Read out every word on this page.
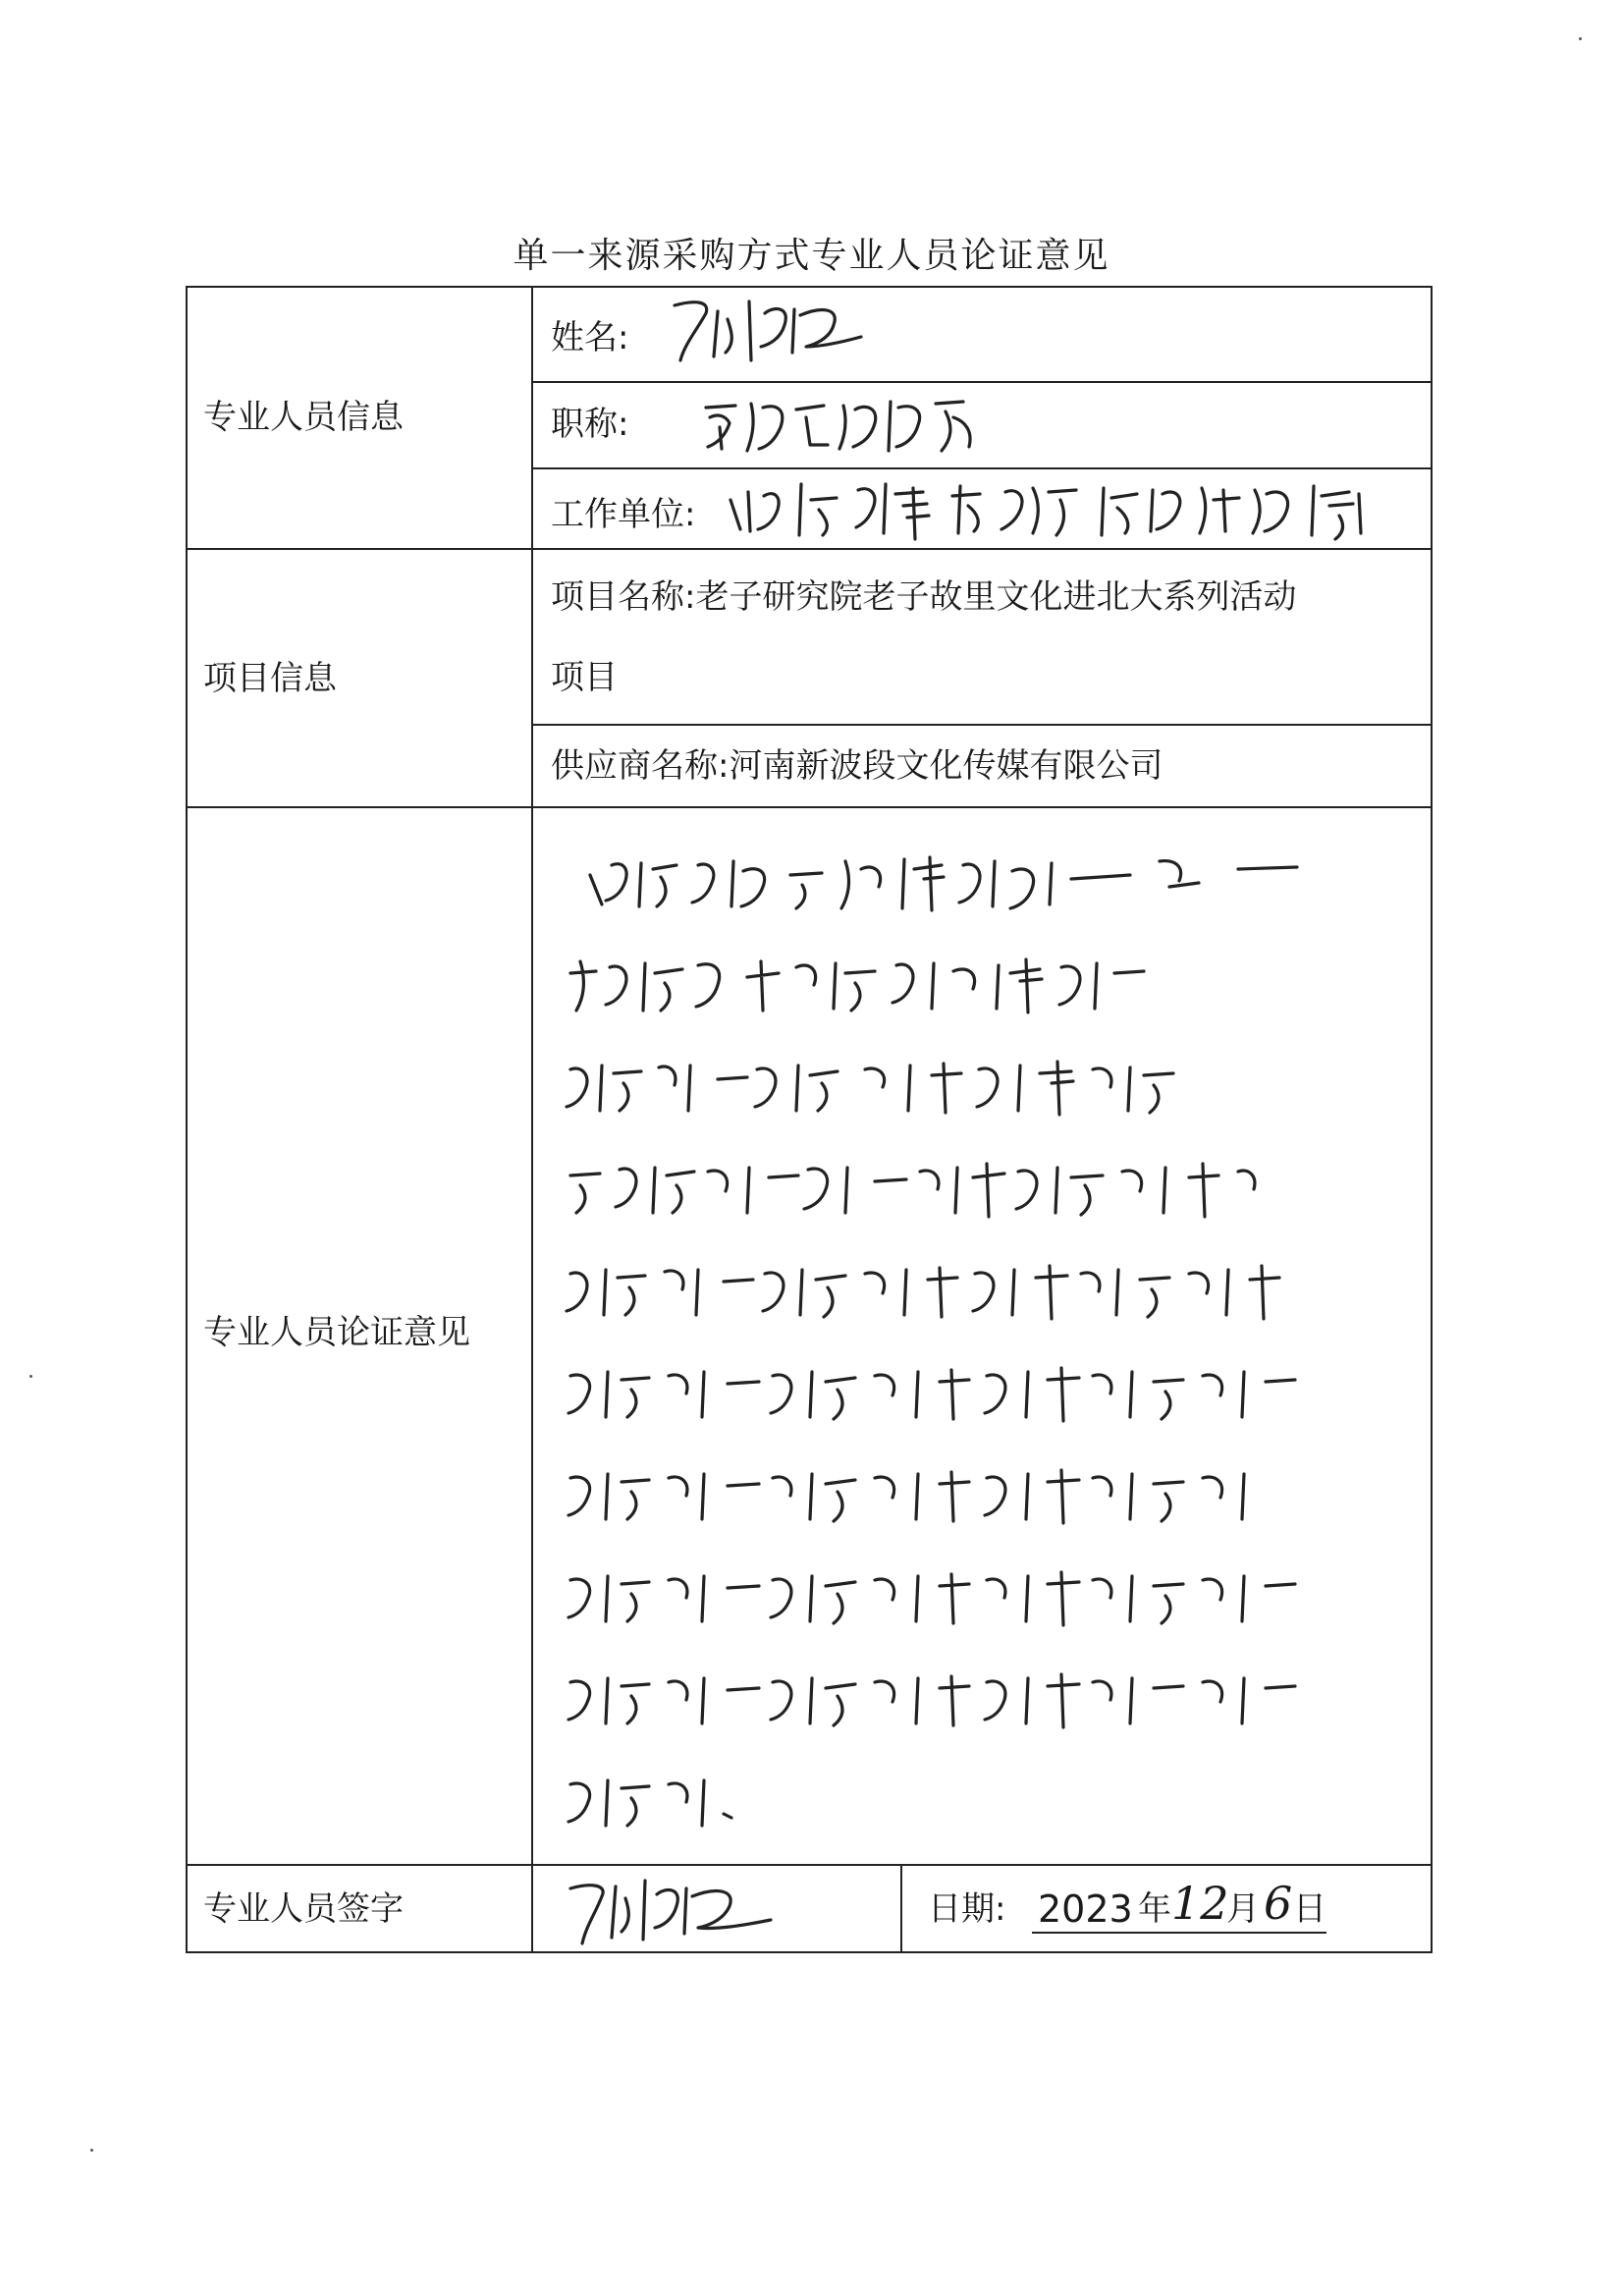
单一来源采购方式专业人员论证意见
专业人员信息
项目信息
专业人员论证意见
专业人员签字
姓名:
职称:
工作单位:
项目名称:老子研究院老子故里文化进北大系列活动
项目
供应商名称:河南新波段文化传媒有限公司
日期: 2023 年 12
月 6 日
